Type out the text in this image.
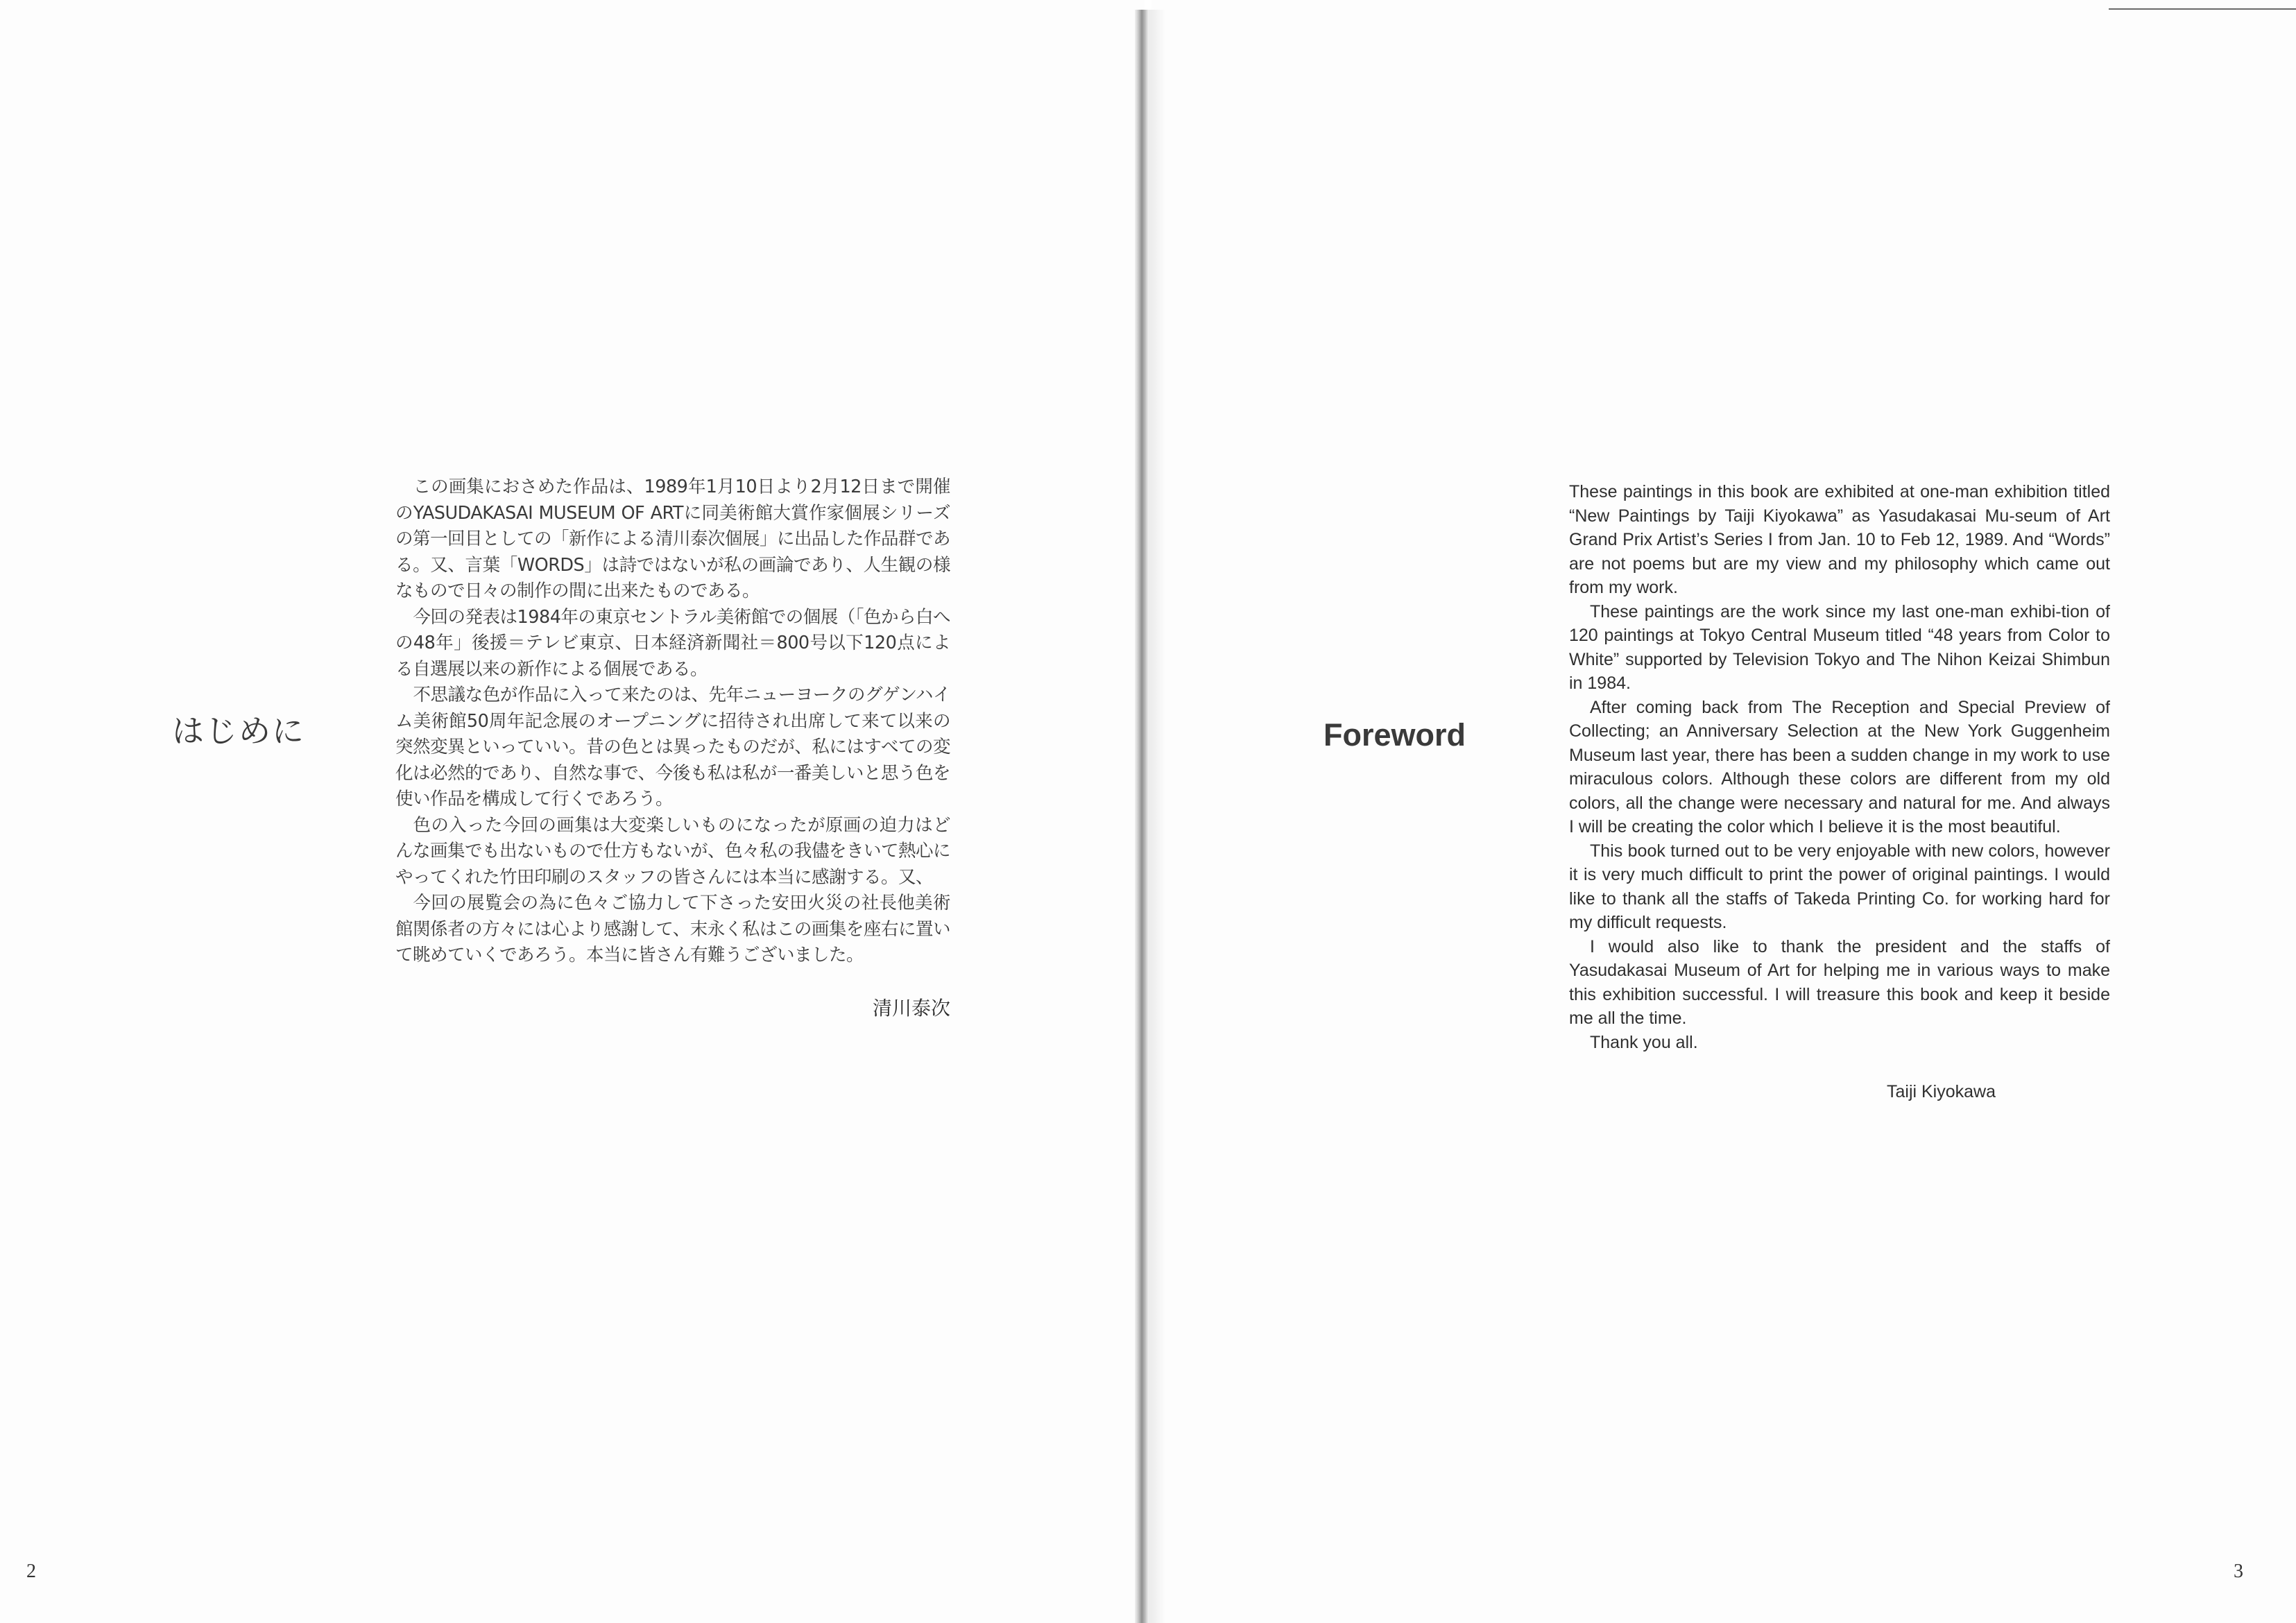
はじめに

この画集におさめた作品は、1989年1月10日より2月12日まで開催のYASUDAKASAI MUSEUM OF ARTに同美術館大賞作家個展シリーズの第一回目としての「新作による清川泰次個展」に出品した作品群である。又、言葉「WORDS」は詩ではないが私の画論であり、人生観の様なもので日々の制作の間に出来たものである。

今回の発表は1984年の東京セントラル美術館での個展（「色から白への48年」後援＝テレビ東京、日本経済新聞社＝800号以下120点による自選展以来の新作による個展である。

不思議な色が作品に入って来たのは、先年ニューヨークのグゲンハイム美術館50周年記念展のオープニングに招待され出席して来て以来の突然変異といっていい。昔の色とは異ったものだが、私にはすべての変化は必然的であり、自然な事で、今後も私は私が一番美しいと思う色を使い作品を構成して行くであろう。

色の入った今回の画集は大変楽しいものになったが原画の迫力はどんな画集でも出ないもので仕方もないが、色々私の我儘をきいて熱心にやってくれた竹田印刷のスタッフの皆さんには本当に感謝する。又、

今回の展覧会の為に色々ご協力して下さった安田火災の社長他美術館関係者の方々には心より感謝して、末永く私はこの画集を座右に置いて眺めていくであろう。本当に皆さん有難うございました。

清川泰次
2
Foreword

These paintings in this book are exhibited at one-man exhibition titled “New Paintings by Taiji Kiyokawa” as Yasudakasai Mu-seum of Art Grand Prix Artist’s Series I from Jan. 10 to Feb 12, 1989. And “Words” are not poems but are my view and my philosophy which came out from my work.

These paintings are the work since my last one-man exhibi-tion of 120 paintings at Tokyo Central Museum titled “48 years from Color to White” supported by Television Tokyo and The Nihon Keizai Shimbun in 1984.

After coming back from The Reception and Special Preview of Collecting; an Anniversary Selection at the New York Guggenheim Museum last year, there has been a sudden change in my work to use miraculous colors. Although these colors are different from my old colors, all the change were necessary and natural for me. And always I will be creating the color which I believe it is the most beautiful.

This book turned out to be very enjoyable with new colors, however it is very much difficult to print the power of original paintings. I would like to thank all the staffs of Takeda Printing Co. for working hard for my difficult requests.

I would also like to thank the president and the staffs of Yasudakasai Museum of Art for helping me in various ways to make this exhibition successful. I will treasure this book and keep it beside me all the time.

Thank you all.

Taiji Kiyokawa
3
